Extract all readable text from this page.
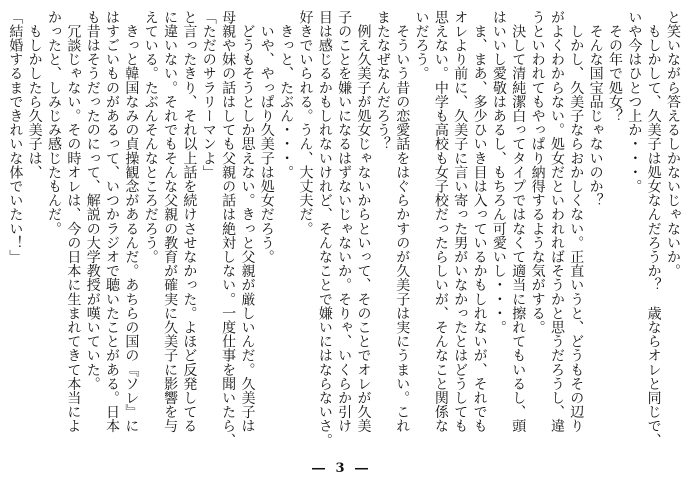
と笑いながら答えるしかないじゃないか。

　もしかして、久美子は処女なんだろうか？　歳ならオレと同じで、

いや今はひとつ上か・・・。

　その年で処女？

　そんな国宝品じゃないのか？

　しかし、久美子ならおかしくない。正直いうと、どうもその辺り

がよくわからない。処女だといわれればそうかと思うだろうし、違

うといわれてもやっぱり納得するような気がする。

　決して清純潔白ってタイプではなくて適当に擦れてもいるし、頭

はいいし愛敬はあるし、もちろん可愛いし・・・。

　ま、まあ、多少ひいき目は入っているかもしれないが、それでも

オレより前に、久美子に言い寄った男がいなかったとはどうしても

思えない。中学も高校も女子校だったらしいが、そんなこと関係な

いだろう。

　そういう昔の恋愛話をはぐらかすのが久美子は実にうまい。これ

またなぜなんだろう？

　例え久美子が処女じゃないからといって、そのことでオレが久美

子のことを嫌いになるはずないじゃないか。そりゃ、いくらか引け

目は感じるかもしれないけれど、そんなことで嫌いにはならないさ。

好きでいられる。うん、大丈夫だ。

　きっと、たぶん・・・。

　いや、やっぱり久美子は処女だろう。

　どうもそうとしか思えない。きっと父親が厳しいんだ。久美子は

母親や妹の話はしても父親の話は絶対しない。一度仕事を聞いたら、

「ただのサラリーマンよ」

と言ったきり、それ以上話を続けさせなかった。よほど反発してる

に違いない。それでもそんな父親の教育が確実に久美子に影響を与

えている。たぶんそんなところだろう。

　きっと韓国なみの貞操観念があるんだ。あちらの国の『ソレ』に

はすごいものがあるって、いつかラジオで聴いたことがある。日本

も昔はそうだったのにって、解説の大学教授が嘆いていた。

　冗談じゃない。その時オレは、今の日本に生まれてきて本当によ

かったと、しみじみ感じたもんだ。

　もしかしたら久美子は、

「結婚するまできれいな体でいたい！」

― 3 ―
